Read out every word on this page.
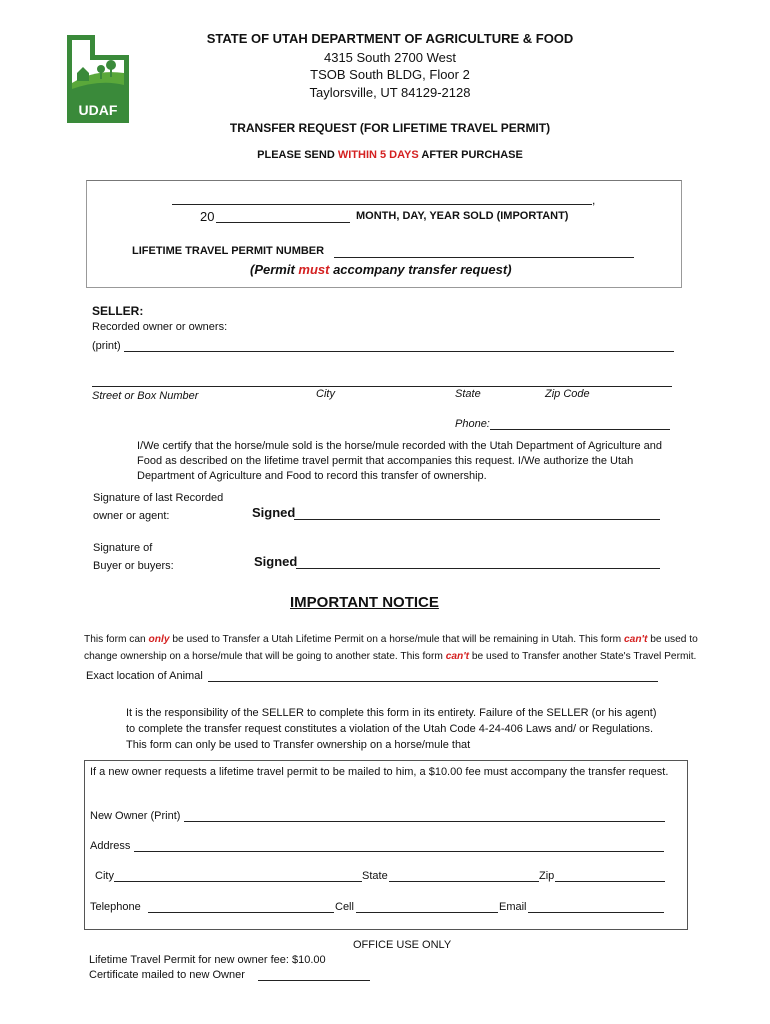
UDAF
STATE OF UTAH DEPARTMENT OF AGRICULTURE & FOOD
4315 South 2700 West
TSOB South BLDG, Floor 2
Taylorsville, UT 84129-2128
TRANSFER REQUEST (FOR LIFETIME TRAVEL PERMIT)
PLEASE SEND WITHIN 5 DAYS AFTER PURCHASE
,
20	MONTH, DAY, YEAR SOLD (IMPORTANT)
LIFETIME TRAVEL PERMIT NUMBER
(Permit must accompany transfer request)
SELLER:
Recorded owner or owners:
(print)
Street or Box Number	City	State	Zip Code
Phone:
I/We certify that the horse/mule sold is the horse/mule recorded with the Utah Department of Agriculture and Food as described on the lifetime travel permit that accompanies this request. I/We authorize the Utah Department of Agriculture and Food to record this transfer of ownership.
Signature of last Recorded
owner or agent:	Signed
Signature of
Buyer or buyers:	Signed
IMPORTANT NOTICE
This form can only be used to Transfer a Utah Lifetime Permit on a horse/mule that will be remaining in Utah. This form can't be used to change ownership on a horse/mule that will be going to another state. This form can't be used to Transfer another State's Travel Permit.
Exact location of Animal
It is the responsibility of the SELLER to complete this form in its entirety. Failure of the SELLER (or his agent) to complete the transfer request constitutes a violation of the Utah Code 4-24-406 Laws and/ or Regulations. This form can only be used to Transfer ownership on a horse/mule that
If a new owner requests a lifetime travel permit to be mailed to him, a $10.00 fee must accompany the transfer request.
New Owner (Print)
Address
City	State	Zip
Telephone	Cell	Email
OFFICE USE ONLY
Lifetime Travel Permit for new owner fee: $10.00
Certificate mailed to new Owner
